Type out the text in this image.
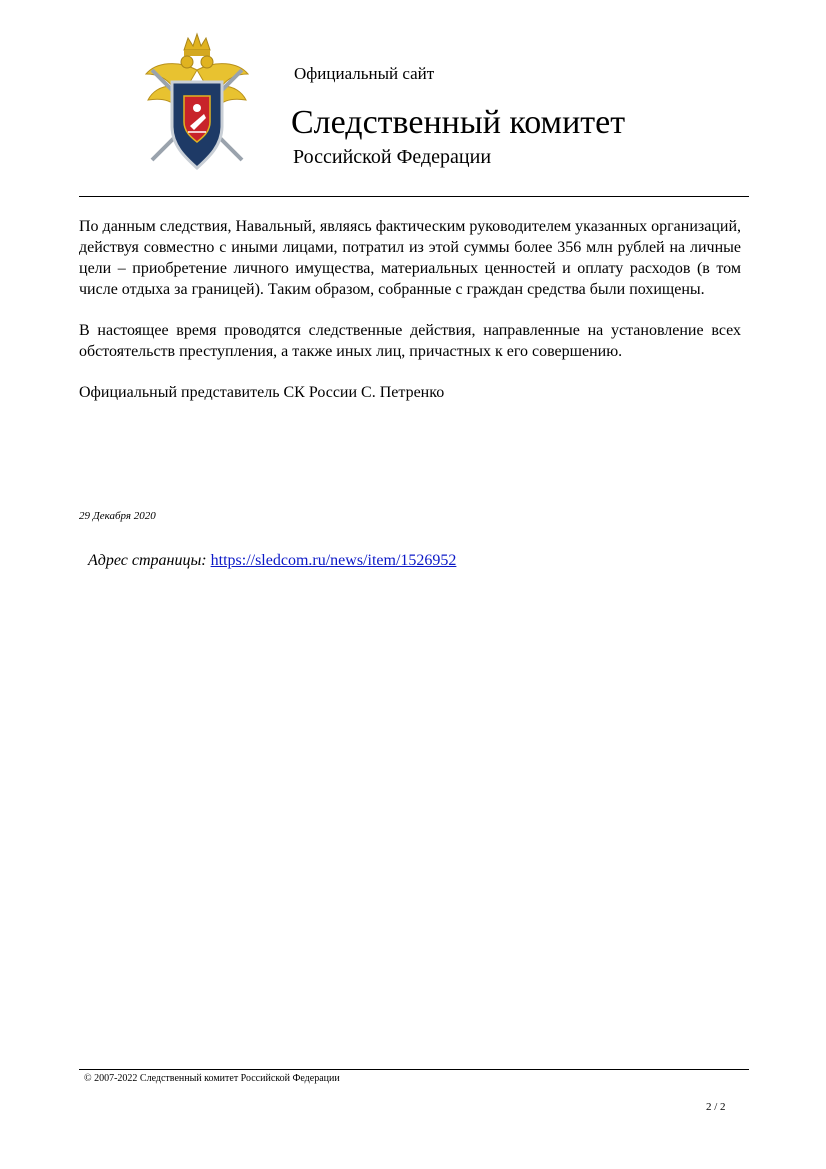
Официальный сайт
Следственный комитет
Российской Федерации

По данным следствия, Навальный, являясь фактическим руководителем указанных организаций, действуя совместно с иными лицами, потратил из этой суммы более 356 млн рублей на личные цели – приобретение личного имущества, материальных ценностей и оплату расходов (в том числе отдыха за границей). Таким образом, собранные с граждан средства были похищены.

В настоящее время проводятся следственные действия, направленные на установление всех обстоятельств преступления, а также иных лиц, причастных к его совершению.

Официальный представитель СК России С. Петренко

29 Декабря 2020
Адрес страницы: https://sledcom.ru/news/item/1526952
© 2007-2022 Следственный комитет Российской Федерации
2 / 2
